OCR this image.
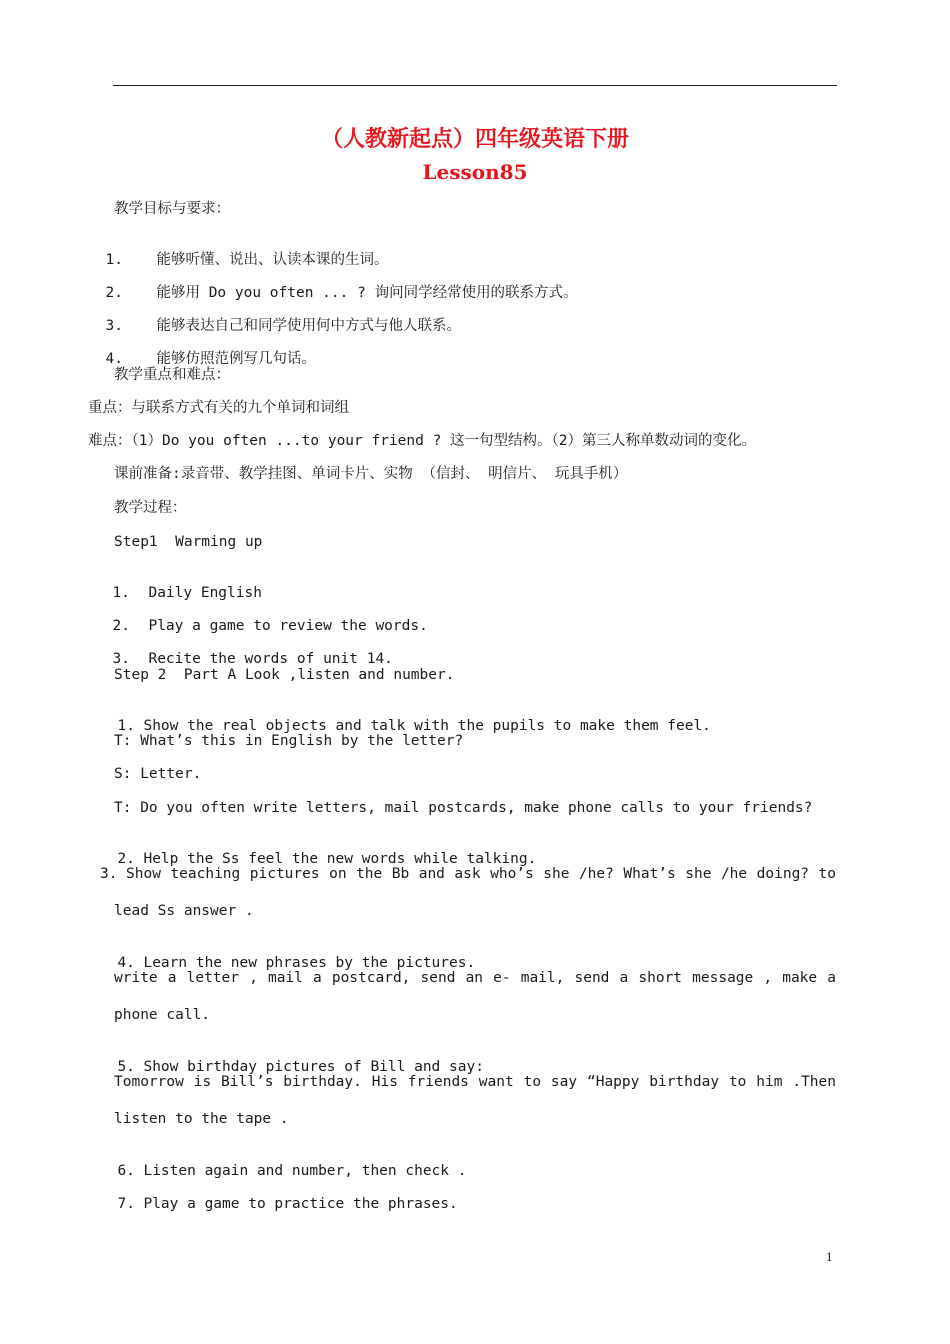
（人教新起点）四年级英语下册
Lesson85
教学目标与要求：

1. 能够听懂、说出、认读本课的生词。

2. 能够用 Do you often ... ? 询问同学经常使用的联系方式。

3. 能够表达自己和同学使用何中方式与他人联系。

4. 能够仿照范例写几句话。

教学重点和难点：
重点：与联系方式有关的九个单词和词组
难点：（1）Do you often ...to your friend ? 这一句型结构。（2）第三人称单数动词的变化。
课前准备:录音带、教学挂图、单词卡片、实物 （信封、 明信片、 玩具手机）
教学过程：
Step1  Warming up

1. Daily English

2. Play a game to review the words.

3. Recite the words of unit 14.

Step 2  Part A Look ,listen and number.

1. Show the real objects and talk with the pupils to make them feel.

T: What’s this in English by the letter?
S: Letter.
T: Do you often write letters, mail postcards, make phone calls to your friends?

2. Help the Ss feel the new words while talking.

3. Show teaching pictures on the Bb and ask who’s she /he? What’s she /he doing? to lead Ss answer .

4. Learn the new phrases by the pictures.

write a letter , mail a postcard, send an e- mail, send a short message , make a phone call.

5. Show birthday pictures of Bill and say:

Tomorrow is Bill’s birthday. His friends want to say “Happy birthday to him .Then listen to the tape .

6. Listen again and number, then check .

7. Play a game to practice the phrases.

1
